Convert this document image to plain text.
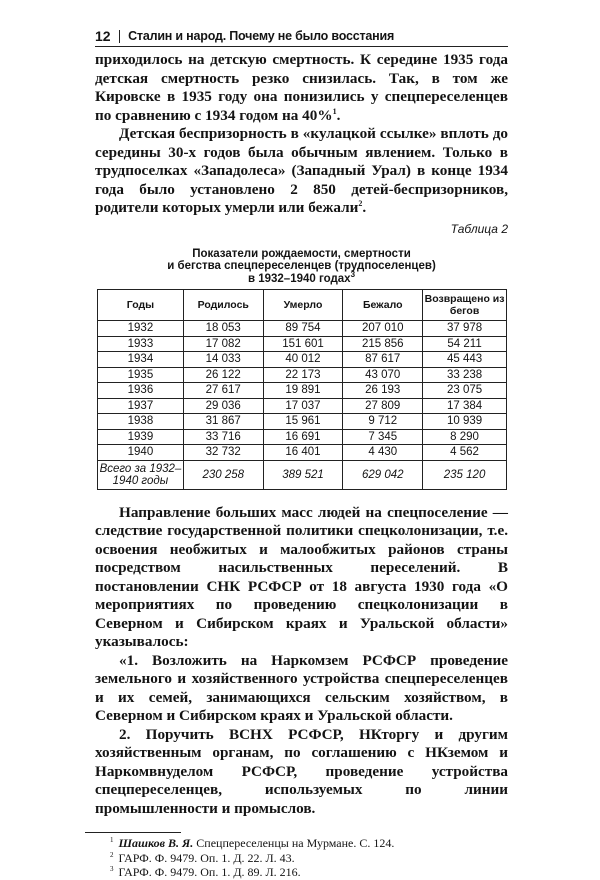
12 Сталин и народ. Почему не было восстания

приходилось на детскую смертность. К середине 1935 года детская смертность резко снизилась. Так, в том же Кировске в 1935 году она понизились у спецпереселенцев по сравнению с 1934 годом на 40%$^1$.

Детская беспризорность в «кулацкой ссылке» вплоть до середины 30-х годов была обычным явлением. Только в трудпоселках «Западолеса» (Западный Урал) в конце 1934 года было установлено 2 850 детей-беспризорников, родители которых умерли или бежали$^2$.

Таблица 2
Показатели рождаемости, смертности
и бегства спецпереселенцев (трудпоселенцев)
в 1932–1940 годах$^3$
Годы	Родилось	Умерло	Бежало	Возвращено из бегов
1932	18 053	89 754	207 010	37 978
1933	17 082	151 601	215 856	54 211
1934	14 033	40 012	87 617	45 443
1935	26 122	22 173	43 070	33 238
1936	27 617	19 891	26 193	23 075
1937	29 036	17 037	27 809	17 384
1938	31 867	15 961	9 712	10 939
1939	33 716	16 691	7 345	8 290
1940	32 732	16 401	4 430	4 562
Всего за 1932–1940 годы	230 258	389 521	629 042	235 120

Направление больших масс людей на спецпоселение — следствие государственной политики спецколонизации, т.е. освоения необжитых и малообжитых районов страны посредством насильственных переселений. В постановлении СНК РСФСР от 18 августа 1930 года «О мероприятиях по проведению спецколонизации в Северном и Сибирском краях и Уральской области» указывалось:

«1. Возложить на Наркомзем РСФСР проведение земельного и хозяйственного устройства спецпереселенцев и их семей, занимающихся сельским хозяйством, в Северном и Сибирском краях и Уральской области.

2. Поручить ВСНХ РСФСР, НКторгу и другим хозяйственным органам, по соглашению с НКземом и Наркомвнуделом РСФСР, проведение устройства спецпереселенцев, используемых по линии промышленности и промыслов.

$^1$ Шашков В. Я. Спецпереселенцы на Мурмане. С. 124.
$^2$ ГАРФ. Ф. 9479. Оп. 1. Д. 22. Л. 43.
$^3$ ГАРФ. Ф. 9479. Оп. 1. Д. 89. Л. 216.
